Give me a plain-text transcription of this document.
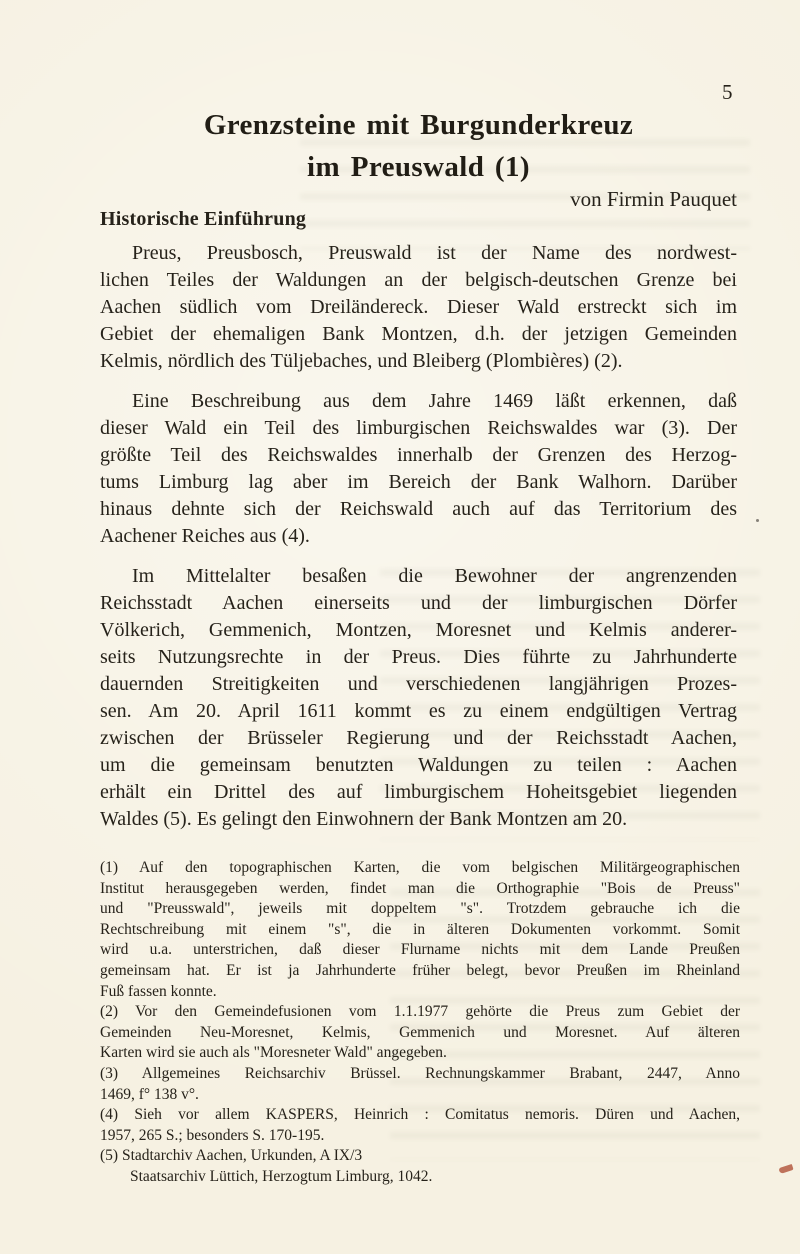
5
Grenzsteine mit Burgunderkreuz
im Preuswald (1)
von Firmin Pauquet
Historische Einführung
Preus, Preusbosch, Preuswald ist der Name des nordwest-
lichen Teiles der Waldungen an der belgisch-deutschen Grenze bei
Aachen südlich vom Dreiländereck. Dieser Wald erstreckt sich im
Gebiet der ehemaligen Bank Montzen, d.h. der jetzigen Gemeinden
Kelmis, nördlich des Tüljebaches, und Bleiberg (Plombières) (2).
Eine Beschreibung aus dem Jahre 1469 läßt erkennen, daß
dieser Wald ein Teil des limburgischen Reichswaldes war (3). Der
größte Teil des Reichswaldes innerhalb der Grenzen des Herzog-
tums Limburg lag aber im Bereich der Bank Walhorn. Darüber
hinaus dehnte sich der Reichswald auch auf das Territorium des
Aachener Reiches aus (4).
Im Mittelalter besaßen die Bewohner der angrenzenden
Reichsstadt Aachen einerseits und der limburgischen Dörfer
Völkerich, Gemmenich, Montzen, Moresnet und Kelmis anderer-
seits Nutzungsrechte in der Preus. Dies führte zu Jahrhunderte
dauernden Streitigkeiten und verschiedenen langjährigen Prozes-
sen. Am 20. April 1611 kommt es zu einem endgültigen Vertrag
zwischen der Brüsseler Regierung und der Reichsstadt Aachen,
um die gemeinsam benutzten Waldungen zu teilen : Aachen
erhält ein Drittel des auf limburgischem Hoheitsgebiet liegenden
Waldes (5). Es gelingt den Einwohnern der Bank Montzen am 20.
(1) Auf den topographischen Karten, die vom belgischen Militärgeographischen
Institut herausgegeben werden, findet man die Orthographie "Bois de Preuss"
und "Preusswald", jeweils mit doppeltem "s". Trotzdem gebrauche ich die
Rechtschreibung mit einem "s", die in älteren Dokumenten vorkommt. Somit
wird u.a. unterstrichen, daß dieser Flurname nichts mit dem Lande Preußen
gemeinsam hat. Er ist ja Jahrhunderte früher belegt, bevor Preußen im Rheinland
Fuß fassen konnte.
(2) Vor den Gemeindefusionen vom 1.1.1977 gehörte die Preus zum Gebiet der
Gemeinden Neu-Moresnet, Kelmis, Gemmenich und Moresnet. Auf älteren
Karten wird sie auch als "Moresneter Wald" angegeben.
(3) Allgemeines Reichsarchiv Brüssel. Rechnungskammer Brabant, 2447, Anno
1469, f° 138 v°.
(4) Sieh vor allem KASPERS, Heinrich : Comitatus nemoris. Düren und Aachen,
1957, 265 S.; besonders S. 170-195.
(5) Stadtarchiv Aachen, Urkunden, A IX/3
Staatsarchiv Lüttich, Herzogtum Limburg, 1042.
